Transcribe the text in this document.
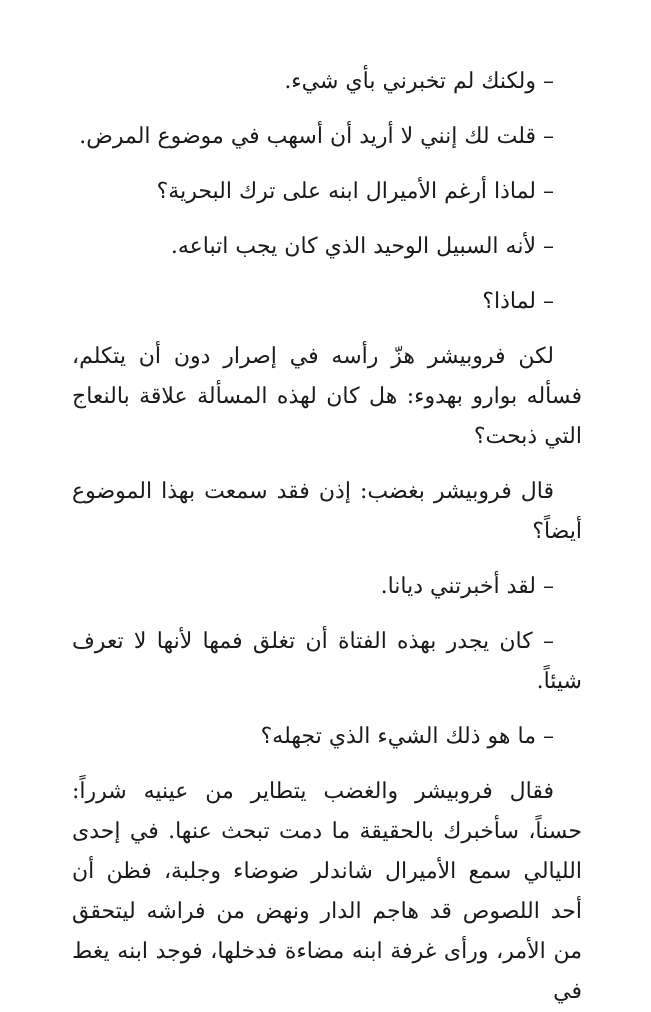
– ولكنك لم تخبرني بأي شيء.

– قلت لك إنني لا أريد أن أسهب في موضوع المرض.

– لماذا أرغم الأميرال ابنه على ترك البحرية؟

– لأنه السبيل الوحيد الذي كان يجب اتباعه.

– لماذا؟

لكن فروبيشر هزّ رأسه في إصرار دون أن يتكلم، فسأله بوارو بهدوء: هل كان لهذه المسألة علاقة بالنعاج التي ذبحت؟

قال فروبيشر بغضب: إذن فقد سمعت بهذا الموضوع أيضاً؟

– لقد أخبرتني ديانا.

– كان يجدر بهذه الفتاة أن تغلق فمها لأنها لا تعرف شيئاً.

– ما هو ذلك الشيء الذي تجهله؟

فقال فروبيشر والغضب يتطاير من عينيه شرراً: حسناً، سأخبرك بالحقيقة ما دمت تبحث عنها. في إحدى الليالي سمع الأميرال شاندلر ضوضاء وجلبة، فظن أن أحد اللصوص قد هاجم الدار ونهض من فراشه ليتحقق من الأمر، ورأى غرفة ابنه مضاءة فدخلها، فوجد ابنه يغط في
